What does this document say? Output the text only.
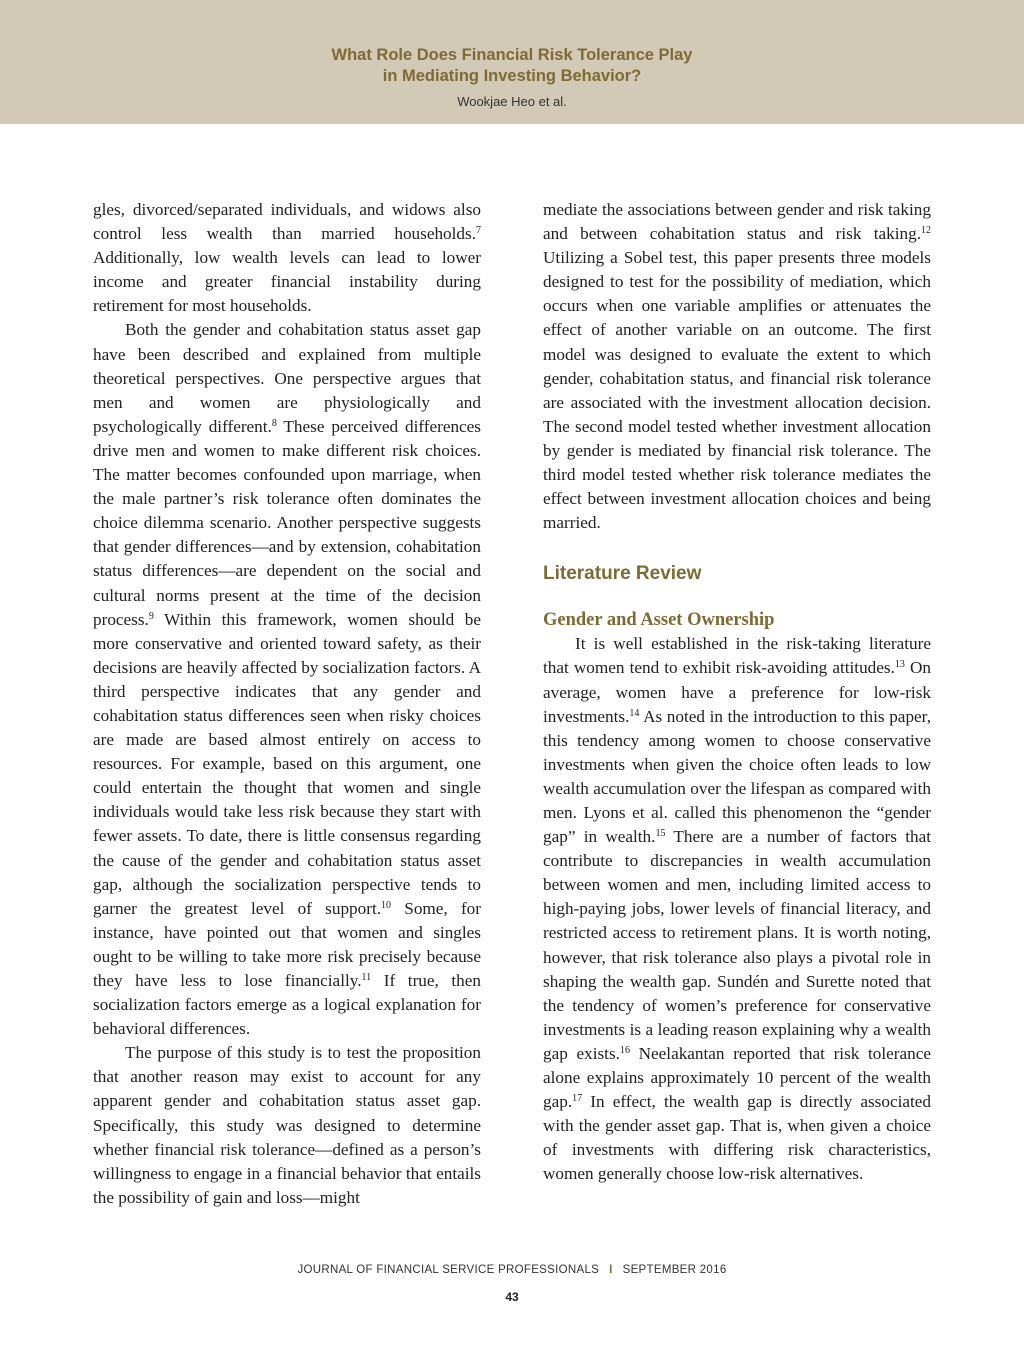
What Role Does Financial Risk Tolerance Play
in Mediating Investing Behavior?
Wookjae Heo et al.

gles, divorced/separated individuals, and widows also control less wealth than married households.$^7$ Additionally, low wealth levels can lead to lower income and greater financial instability during retirement for most households.

Both the gender and cohabitation status asset gap have been described and explained from multiple theoretical perspectives. One perspective argues that men and women are physiologically and psychologically different.$^8$ These perceived differences drive men and women to make different risk choices. The matter becomes confounded upon marriage, when the male partner’s risk tolerance often dominates the choice dilemma scenario. Another perspective suggests that gender differences—and by extension, cohabitation status differences—are dependent on the social and cultural norms present at the time of the decision process.$^9$ Within this framework, women should be more conservative and oriented toward safety, as their decisions are heavily affected by socialization factors. A third perspective indicates that any gender and cohabitation status differences seen when risky choices are made are based almost entirely on access to resources. For example, based on this argument, one could entertain the thought that women and single individuals would take less risk because they start with fewer assets. To date, there is little consensus regarding the cause of the gender and cohabitation status asset gap, although the socialization perspective tends to garner the greatest level of support.$^{10}$ Some, for instance, have pointed out that women and singles ought to be willing to take more risk precisely because they have less to lose financially.$^{11}$ If true, then socialization factors emerge as a logical explanation for behavioral differences.

The purpose of this study is to test the proposition that another reason may exist to account for any apparent gender and cohabitation status asset gap. Specifically, this study was designed to determine whether financial risk tolerance—defined as a person’s willingness to engage in a financial behavior that entails the possibility of gain and loss—might

mediate the associations between gender and risk taking and between cohabitation status and risk taking.$^{12}$ Utilizing a Sobel test, this paper presents three models designed to test for the possibility of mediation, which occurs when one variable amplifies or attenuates the effect of another variable on an outcome. The first model was designed to evaluate the extent to which gender, cohabitation status, and financial risk tolerance are associated with the investment allocation decision. The second model tested whether investment allocation by gender is mediated by financial risk tolerance. The third model tested whether risk tolerance mediates the effect between investment allocation choices and being married.

Literature Review
Gender and Asset Ownership

It is well established in the risk-taking literature that women tend to exhibit risk-avoiding attitudes.$^{13}$ On average, women have a preference for low-risk investments.$^{14}$ As noted in the introduction to this paper, this tendency among women to choose conservative investments when given the choice often leads to low wealth accumulation over the lifespan as compared with men. Lyons et al. called this phenomenon the “gender gap” in wealth.$^{15}$ There are a number of factors that contribute to discrepancies in wealth accumulation between women and men, including limited access to high-paying jobs, lower levels of financial literacy, and restricted access to retirement plans. It is worth noting, however, that risk tolerance also plays a pivotal role in shaping the wealth gap. Sundén and Surette noted that the tendency of women’s preference for conservative investments is a leading reason explaining why a wealth gap exists.$^{16}$ Neelakantan reported that risk tolerance alone explains approximately 10 percent of the wealth gap.$^{17}$ In effect, the wealth gap is directly associated with the gender asset gap. That is, when given a choice of investments with differing risk characteristics, women generally choose low-risk alternatives.

JOURNAL OF FINANCIAL SERVICE PROFESSIONALS I SEPTEMBER 2016
43
